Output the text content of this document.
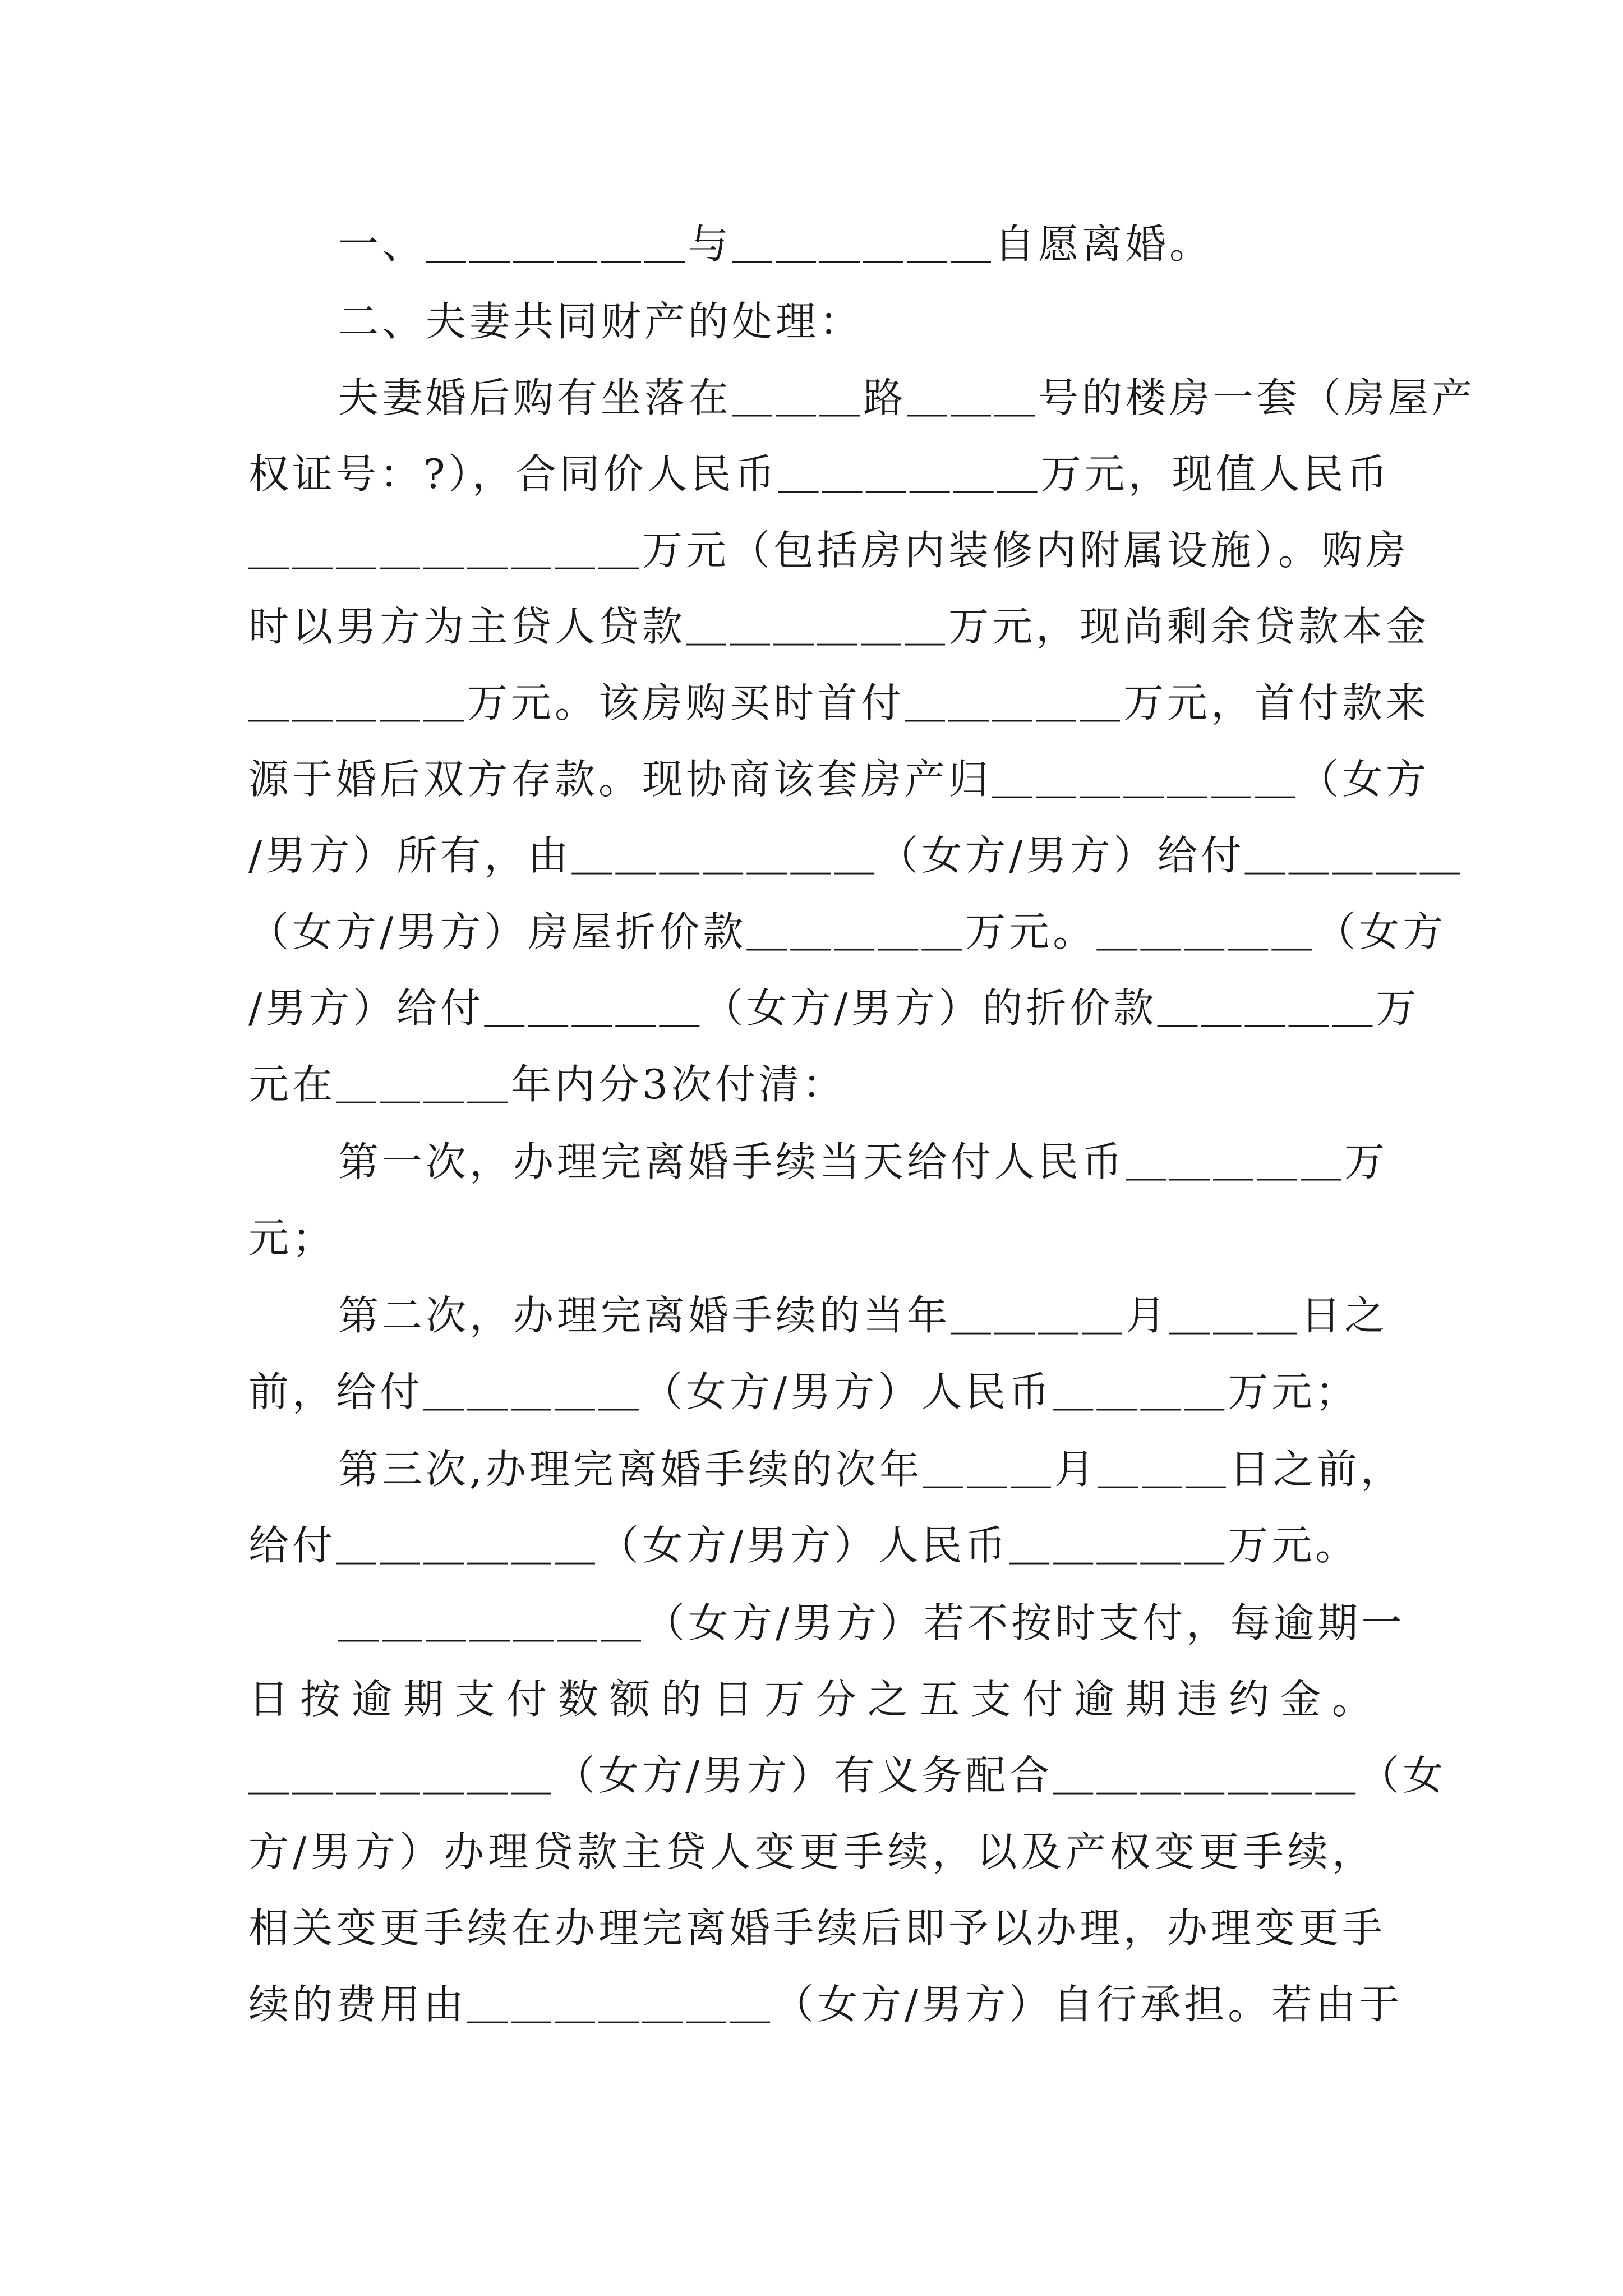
一、＿＿＿＿＿＿与＿＿＿＿＿＿自愿离婚。
二、夫妻共同财产的处理：
夫妻婚后购有坐落在＿＿＿路＿＿＿号的楼房一套（房屋产
权证号：?），合同价人民币＿＿＿＿＿＿万元，现值人民币
＿＿＿＿＿＿＿＿＿万元（包括房内装修内附属设施）。购房
时以男方为主贷人贷款＿＿＿＿＿＿万元，现尚剩余贷款本金
＿＿＿＿＿万元。该房购买时首付＿＿＿＿＿万元，首付款来
源于婚后双方存款。现协商该套房产归＿＿＿＿＿＿＿（女方
/男方）所有，由＿＿＿＿＿＿＿（女方/男方）给付＿＿＿＿＿
（女方/男方）房屋折价款＿＿＿＿＿万元。＿＿＿＿＿（女方
/男方）给付＿＿＿＿＿（女方/男方）的折价款＿＿＿＿＿万
元在＿＿＿＿年内分3次付清：
第一次，办理完离婚手续当天给付人民币＿＿＿＿＿万
元；
第二次，办理完离婚手续的当年＿＿＿＿月＿＿＿日之
前，给付＿＿＿＿＿（女方/男方）人民币＿＿＿＿万元；
第三次,办理完离婚手续的次年＿＿＿月＿＿＿日之前，
给付＿＿＿＿＿＿（女方/男方）人民币＿＿＿＿＿万元。
＿＿＿＿＿＿＿（女方/男方）若不按时支付，每逾期一
日按逾期支付数额的日万分之五支付逾期违约金。
＿＿＿＿＿＿＿（女方/男方）有义务配合＿＿＿＿＿＿＿（女
方/男方）办理贷款主贷人变更手续，以及产权变更手续，
相关变更手续在办理完离婚手续后即予以办理，办理变更手
续的费用由＿＿＿＿＿＿＿（女方/男方）自行承担。若由于
